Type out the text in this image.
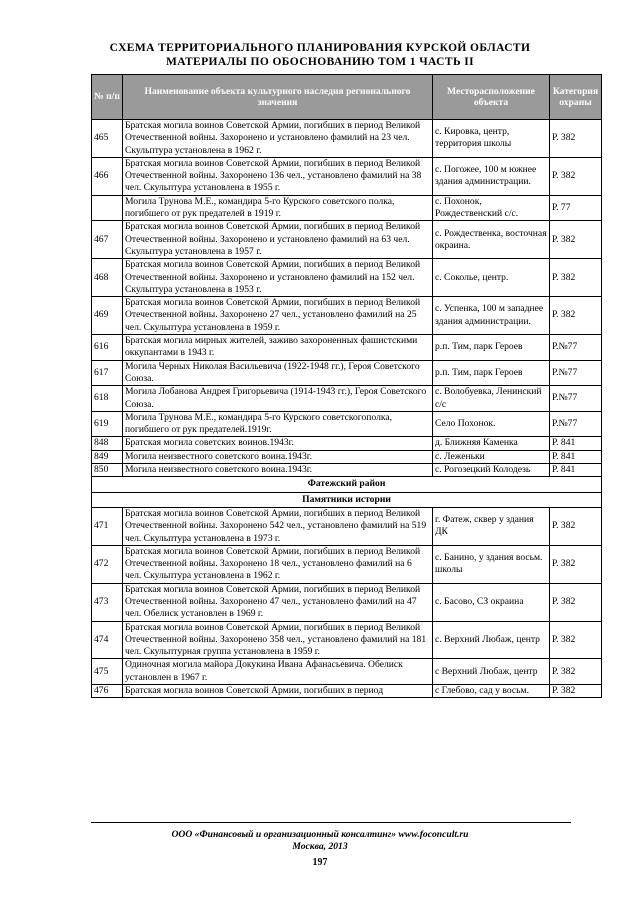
СХЕМА ТЕРРИТОРИАЛЬНОГО ПЛАНИРОВАНИЯ КУРСКОЙ ОБЛАСТИ
МАТЕРИАЛЫ ПО ОБОСНОВАНИЮ ТОМ 1 ЧАСТЬ II
№ п/п	Наименование объекта культурного наследия регионального значения	Месторасположение объекта	Категория охраны
465	Братская могила воинов Советской Армии, погибших в период Великой Отечественной войны. Захоронено и установлено фамилий на 23 чел. Скульптура установлена в 1962 г.	с. Кировка, центр, территория школы	Р. 382
466	Братская могила воинов Советской Армии, погибших в период Великой Отечественной войны. Захоронено 136 чел., установлено фамилий на 38 чел. Скульптура установлена в 1955 г.	с. Погожее, 100 м южнее здания администрации.	Р. 382
	Могила Трунова М.Е., командира 5-го Курского советского полка, погибшего от рук предателей в 1919 г.	с. Похонок, Рождественский с/с.	Р. 77
467	Братская могила воинов Советской Армии, погибших в период Великой Отечественной войны. Захоронено и установлено фамилий на 63 чел. Скульптура установлена в 1957 г.	с. Рождественка, восточная окраина.	Р. 382
468	Братская могила воинов Советской Армии, погибших в период Великой Отечественной войны. Захоронено и установлено фамилий на 152 чел. Скульптура установлена в 1953 г.	с. Соколье, центр.	Р. 382
469	Братская могила воинов Советской Армии, погибших в период Великой Отечественной войны. Захоронено 27 чел., установлено фамилий на 25 чел. Скульптура установлена в 1959 г.	с. Успенка, 100 м западнее здания администрации.	Р. 382
616	Братская могила мирных жителей, заживо захороненных фашистскими оккупантами в 1943 г.	р.п. Тим, парк Героев	Р.№77
617	Могила Черных Николая Васильевича (1922-1948 гг.), Героя Советского Союза.	р.п. Тим, парк Героев	Р.№77
618	Могила Лобанова Андрея Григорьевича (1914-1943 гг.), Героя Советского Союза.	с. Волобуевка, Ленинский с/с	Р.№77
619	Могила Трунова М.Е., командира 5-го Курского советскогополка, погибшего от рук предателей.1919г.	Село Похонок.	Р.№77
848	Братская могила советских воинов.1943г.	д. Ближняя Каменка	Р. 841
849	Могила неизвестного советского воина.1943г.	с. Леженьки	Р. 841
850	Могила неизвестного советского воина.1943г.	с. Рогозецкий Колодезь	Р. 841
Фатежский район			
Памятники истории			
471	Братская могила воинов Советской Армии, погибших в период Великой Отечественной войны. Захоронено 542 чел., установлено фамилий на 519 чел. Скульптура установлена в 1973 г.	г. Фатеж, сквер у здания ДК	Р. 382
472	Братская могила воинов Советской Армии, погибших в период Великой Отечественной войны. Захоронено 18 чел., установлено фамилий на 6 чел. Скульптура установлена в 1962 г.	с. Банино, у здания восьм. школы	Р. 382
473	Братская могила воинов Советской Армии, погибших в период Великой Отечественной войны. Захоронено 47 чел., установлено фамилий на 47 чел. Обелиск установлен в 1969 г.	с. Басово, СЗ окраина	Р. 382
474	Братская могила воинов Советской Армии, погибших в период Великой Отечественной войны. Захоронено 358 чел., установлено фамилий на 181 чел. Скульптурная группа установлена в 1959 г.	с. Верхний Любаж, центр	Р. 382
475	Одиночная могила майора Докукина Ивана Афанасьевича. Обелиск установлен в 1967 г.	с Верхний Любаж, центр	Р. 382
476	Братская могила воинов Советской Армии, погибших в период	с Глебово, сад у восьм.	Р. 382
ООО «Финансовый и организационный консалтинг» www.foconcult.ru
Москва, 2013
197
